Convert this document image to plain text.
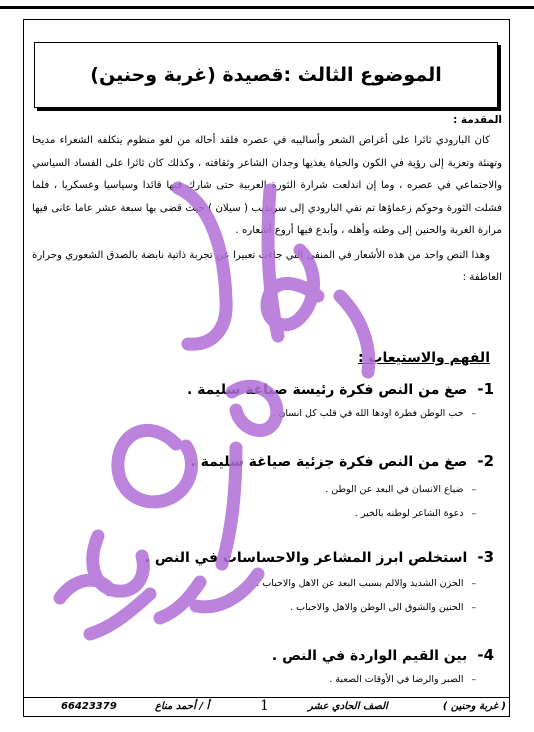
الموضوع الثالث :قصيدة (غربة وحنين)
المقدمة :

كان البارودي ثائرا على أغراض الشعر وأساليبه في عصره فلقد أحاله من لغو منظوم يتكلفه الشعراء مديحا وتهنئة وتعزية إلى رؤية في الكون والحياة يغذيها وجدان الشاعر وثقافته ، وكذلك كان ثائرا على الفساد السياسي والاجتماعي في عصره ، وما إن اندلعت شرارة الثورة العربية حتى شارك فيها قائدا وسياسيا وعسكريا ، فلما فشلت الثورة وحوكم زعماؤها تم نفي البارودي إلى سرنديب ( سيلان ) حيث قضى بها سبعة عشر عاما عانى فيها مرارة الغربة والحنين إلى وطنه وأهله ، وأبدع فيها أروع أشعاره .

وهذا النص واحد من هذه الأشعار في المنفى التي جاءت تعبيرا عن تجربة ذاتية نابضة بالصدق الشعوري وحرارة العاطفة :

الفهم والاستيعاب :
1-
صغ من النص فكرة رئيسة صياغة سليمة .
–
حب الوطن فطرة اودها الله في قلب كل انسان .
2-
صغ من النص فكرة جزئية صياغة سليمة .
–
ضياع الانسان في البعد عن الوطن .
–
دعوة الشاعر لوطنه بالخير .
3-
استخلص ابرز المشاعر والاحساسات في النص .
–
الحزن الشديد والالم بسبب البعد عن الاهل والاحباب .
–
الحنين والشوق الى الوطن والاهل والاحباب .
4-
بين القيم الواردة في النص .
–
الصبر والرضا في الأوقات الصعبة .
66423379	أ / أحمد مناع	1	الصف الحادي عشر	( غربة وحنين )
